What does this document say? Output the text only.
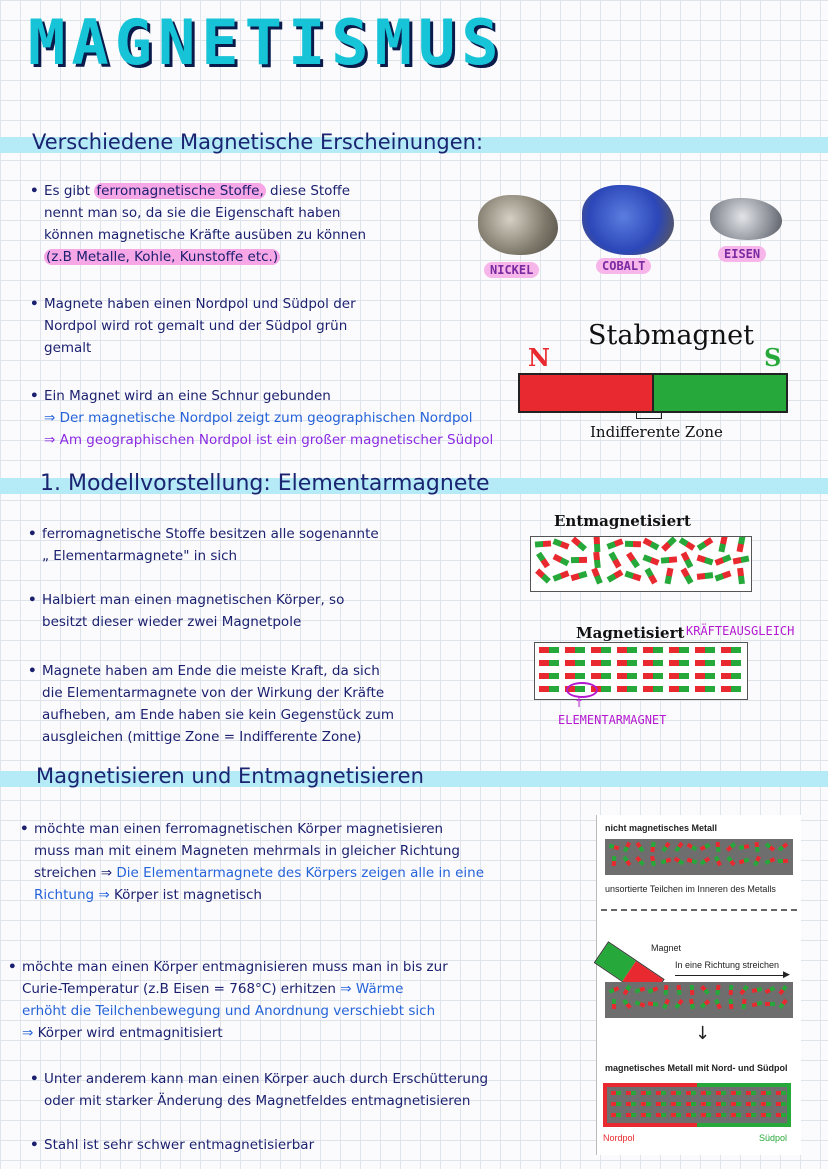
MAGNETISMUS
Verschiedene Magnetische Erscheinungen:
• Es gibt ferromagnetische Stoffe, diese Stoffe
nennt man so, da sie die Eigenschaft haben
können magnetische Kräfte ausüben zu können
(z.B Metalle, Kohle, Kunstoffe etc.)
• Magnete haben einen Nordpol und Südpol der
Nordpol wird rot gemalt und der Südpol grün
gemalt
• Ein Magnet wird an eine Schnur gebunden
⇒ Der magnetische Nordpol zeigt zum geographischen Nordpol
⇒ Am geographischen Nordpol ist ein großer magnetischer Südpol
NICKEL	COBALT
EISEN
Stabmagnet
N	S
Indifferente Zone
1. Modellvorstellung: Elementarmagnete
• ferromagnetische Stoffe besitzen alle sogenannte
„ Elementarmagnete" in sich
• Halbiert man einen magnetischen Körper, so
besitzt dieser wieder zwei Magnetpole
• Magnete haben am Ende die meiste Kraft, da sich
die Elementarmagnete von der Wirkung der Kräfte
aufheben, am Ende haben sie kein Gegenstück zum
ausgleichen (mittige Zone = Indifferente Zone)
Entmagnetisiert
Magnetisiert KRÄFTEAUSGLEICH
↑
ELEMENTARMAGNET
Magnetisieren und Entmagnetisieren
• möchte man einen ferromagnetischen Körper magnetisieren
muss man mit einem Magneten mehrmals in gleicher Richtung
streichen ⇒ Die Elementarmagnete des Körpers zeigen alle in eine
Richtung ⇒ Körper ist magnetisch
• möchte man einen Körper entmagnisieren muss man in bis zur
Curie-Temperatur (z.B Eisen = 768°C) erhitzen ⇒ Wärme
erhöht die Teilchenbewegung und Anordnung verschiebt sich
⇒ Körper wird entmagnitisiert
• Unter anderem kann man einen Körper auch durch Erschütterung
oder mit starker Änderung des Magnetfeldes entmagnetisieren
• Stahl ist sehr schwer entmagnetisierbar
nicht magnetisches Metall
unsortierte Teilchen im Inneren des Metalls
Magnet
In eine Richtung streichen
▶
↓
magnetisches Metall mit Nord- und Südpol
Nordpol	Südpol
